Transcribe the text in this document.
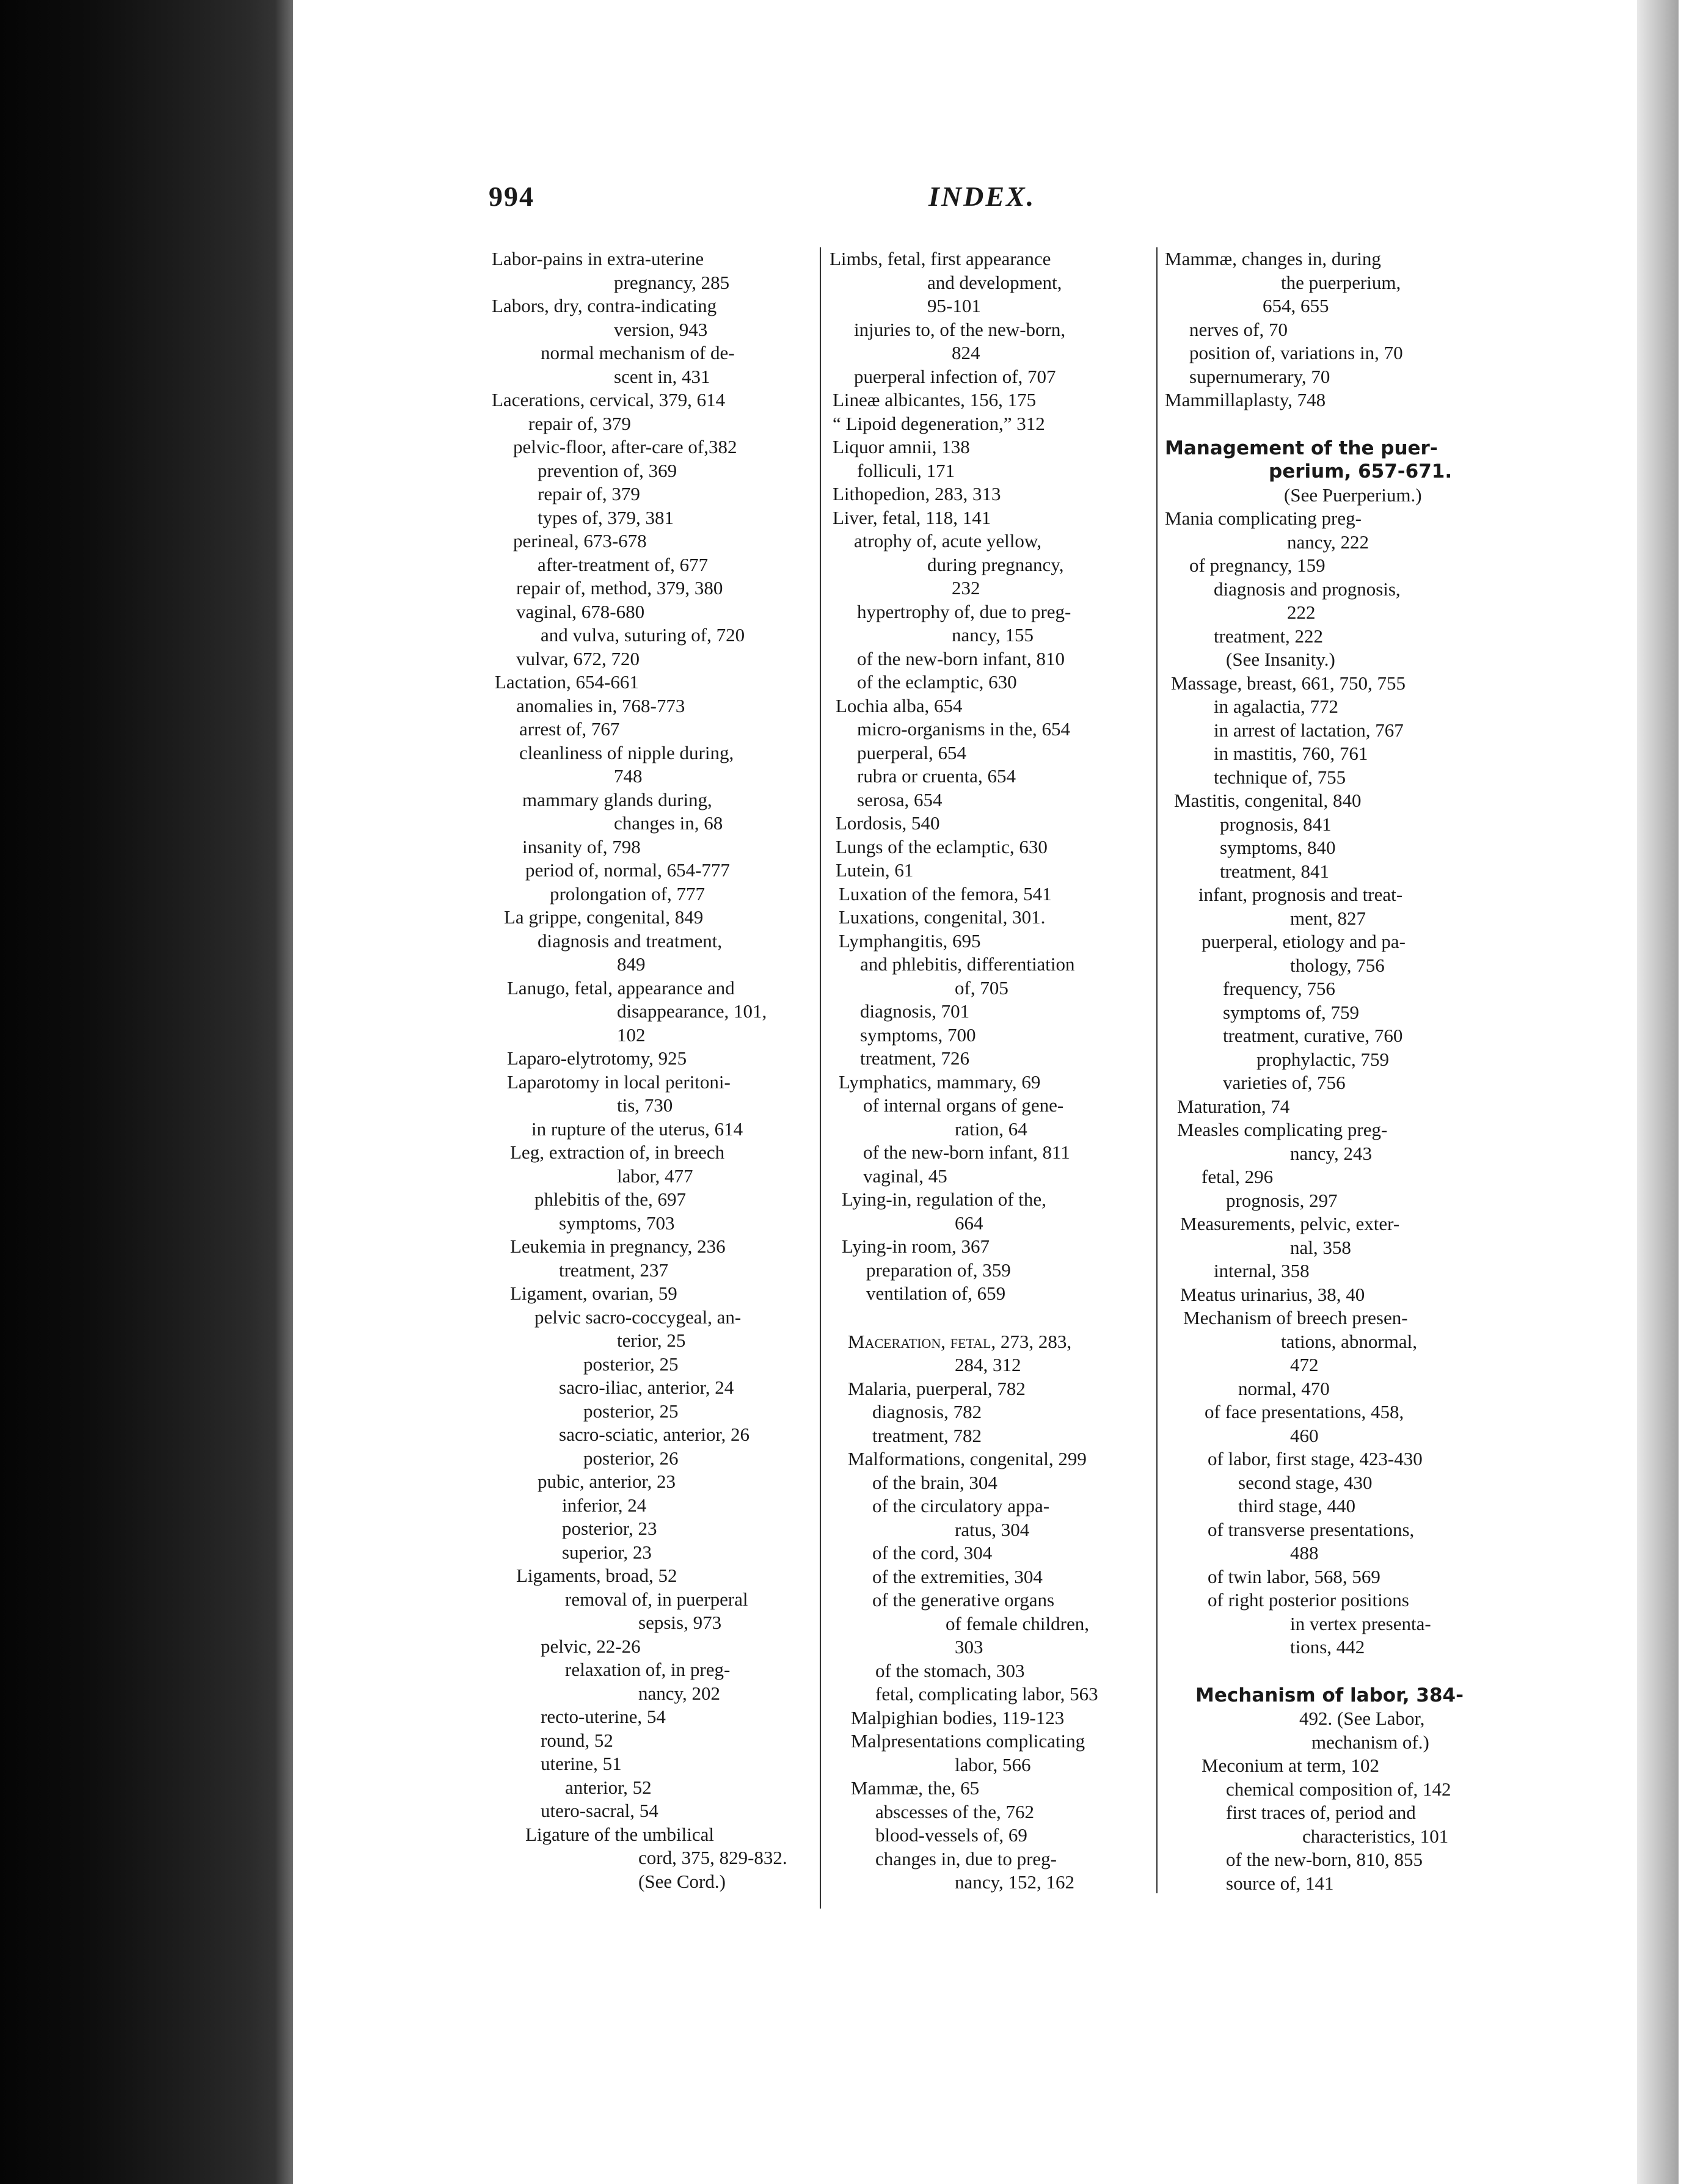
994	INDEX.
Labor-pains in extra-uterine
pregnancy, 285
Labors, dry, contra-indicating
version, 943
normal mechanism of de-
scent in, 431
Lacerations, cervical, 379, 614
repair of, 379
pelvic-floor, after-care of,382
prevention of, 369
repair of, 379
types of, 379, 381
perineal, 673-678
after-treatment of, 677
repair of, method, 379, 380
vaginal, 678-680
and vulva, suturing of, 720
vulvar, 672, 720
Lactation, 654-661
anomalies in, 768-773
arrest of, 767
cleanliness of nipple during,
748
mammary glands during,
changes in, 68
insanity of, 798
period of, normal, 654-777
prolongation of, 777
La grippe, congenital, 849
diagnosis and treatment,
849
Lanugo, fetal, appearance and
disappearance, 101,
102
Laparo-elytrotomy, 925
Laparotomy in local peritoni-
tis, 730
in rupture of the uterus, 614
Leg, extraction of, in breech
labor, 477
phlebitis of the, 697
symptoms, 703
Leukemia in pregnancy, 236
treatment, 237
Ligament, ovarian, 59
pelvic sacro-coccygeal, an-
terior, 25
posterior, 25
sacro-iliac, anterior, 24
posterior, 25
sacro-sciatic, anterior, 26
posterior, 26
pubic, anterior, 23
inferior, 24
posterior, 23
superior, 23
Ligaments, broad, 52
removal of, in puerperal
sepsis, 973
pelvic, 22-26
relaxation of, in preg-
nancy, 202
recto-uterine, 54
round, 52
uterine, 51
anterior, 52
utero-sacral, 54
Ligature of the umbilical
cord, 375, 829-832.
(See Cord.)
Limbs, fetal, first appearance
and development,
95-101
injuries to, of the new-born,
824
puerperal infection of, 707
Lineæ albicantes, 156, 175
“ Lipoid degeneration,” 312
Liquor amnii, 138
folliculi, 171
Lithopedion, 283, 313
Liver, fetal, 118, 141
atrophy of, acute yellow,
during pregnancy,
232
hypertrophy of, due to preg-
nancy, 155
of the new-born infant, 810
of the eclamptic, 630
Lochia alba, 654
micro-organisms in the, 654
puerperal, 654
rubra or cruenta, 654
serosa, 654
Lordosis, 540
Lungs of the eclamptic, 630
Lutein, 61
Luxation of the femora, 541
Luxations, congenital, 301.
Lymphangitis, 695
and phlebitis, differentiation
of, 705
diagnosis, 701
symptoms, 700
treatment, 726
Lymphatics, mammary, 69
of internal organs of gene-
ration, 64
of the new-born infant, 811
vaginal, 45
Lying-in, regulation of the,
664
Lying-in room, 367
preparation of, 359
ventilation of, 659
Maceration, fetal, 273, 283,
284, 312
Malaria, puerperal, 782
diagnosis, 782
treatment, 782
Malformations, congenital, 299
of the brain, 304
of the circulatory appa-
ratus, 304
of the cord, 304
of the extremities, 304
of the generative organs
of female children,
303
of the stomach, 303
fetal, complicating labor, 563
Malpighian bodies, 119-123
Malpresentations complicating
labor, 566
Mammæ, the, 65
abscesses of the, 762
blood-vessels of, 69
changes in, due to preg-
nancy, 152, 162
Mammæ, changes in, during
the puerperium,
654, 655
nerves of, 70
position of, variations in, 70
supernumerary, 70
Mammillaplasty, 748
Management of the puer-
perium, 657-671.
(See Puerperium.)
Mania complicating preg-
nancy, 222
of pregnancy, 159
diagnosis and prognosis,
222
treatment, 222
(See Insanity.)
Massage, breast, 661, 750, 755
in agalactia, 772
in arrest of lactation, 767
in mastitis, 760, 761
technique of, 755
Mastitis, congenital, 840
prognosis, 841
symptoms, 840
treatment, 841
infant, prognosis and treat-
ment, 827
puerperal, etiology and pa-
thology, 756
frequency, 756
symptoms of, 759
treatment, curative, 760
prophylactic, 759
varieties of, 756
Maturation, 74
Measles complicating preg-
nancy, 243
fetal, 296
prognosis, 297
Measurements, pelvic, exter-
nal, 358
internal, 358
Meatus urinarius, 38, 40
Mechanism of breech presen-
tations, abnormal,
472
normal, 470
of face presentations, 458,
460
of labor, first stage, 423-430
second stage, 430
third stage, 440
of transverse presentations,
488
of twin labor, 568, 569
of right posterior positions
in vertex presenta-
tions, 442
Mechanism of labor, 384-
492. (See Labor,
mechanism of.)
Meconium at term, 102
chemical composition of, 142
first traces of, period and
characteristics, 101
of the new-born, 810, 855
source of, 141
